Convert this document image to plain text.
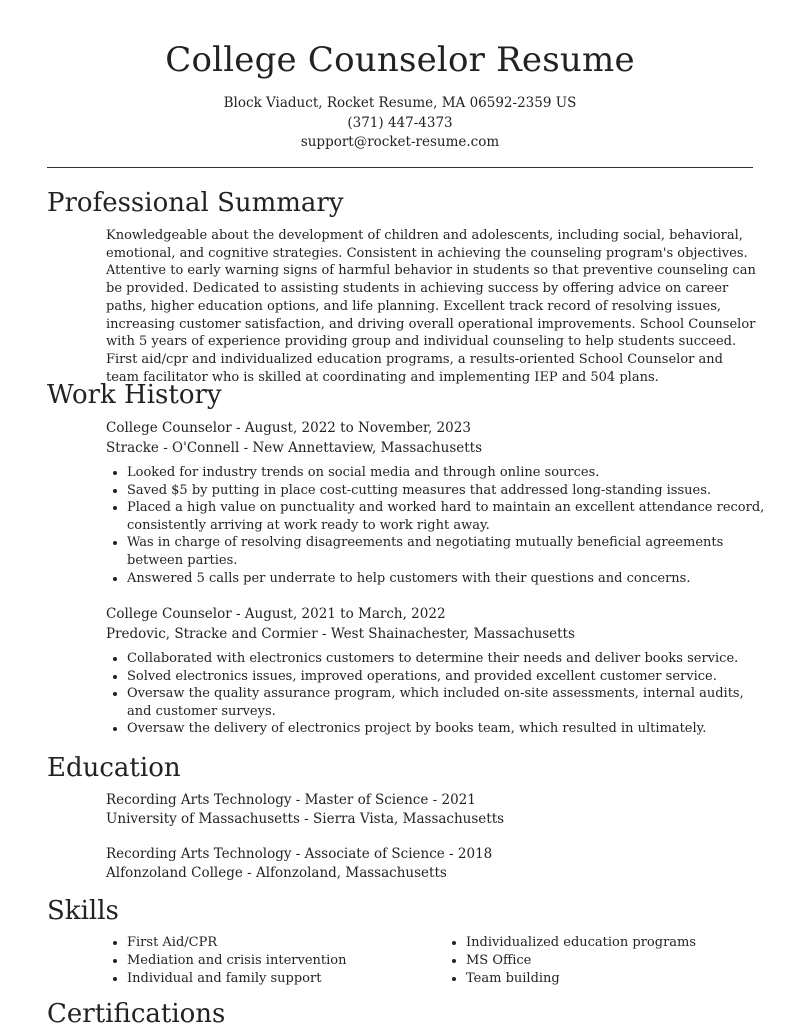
College Counselor Resume
Block Viaduct, Rocket Resume, MA 06592-2359 US
(371) 447-4373
support@rocket-resume.com
Professional Summary

Knowledgeable about the development of children and adolescents, including social, behavioral, emotional, and cognitive strategies. Consistent in achieving the counseling program's objectives. Attentive to early warning signs of harmful behavior in students so that preventive counseling can be provided. Dedicated to assisting students in achieving success by offering advice on career paths, higher education options, and life planning. Excellent track record of resolving issues, increasing customer satisfaction, and driving overall operational improvements. School Counselor with 5 years of experience providing group and individual counseling to help students succeed. First aid/cpr and individualized education programs, a results-oriented School Counselor and team facilitator who is skilled at coordinating and implementing IEP and 504 plans.

Work History
College Counselor - August, 2022 to November, 2023
Stracke - O'Connell - New Annettaview, Massachusetts
• Looked for industry trends on social media and through online sources.
• Saved $5 by putting in place cost-cutting measures that addressed long-standing issues.
• Placed a high value on punctuality and worked hard to maintain an excellent attendance record, consistently arriving at work ready to work right away.
• Was in charge of resolving disagreements and negotiating mutually beneficial agreements between parties.
• Answered 5 calls per underrate to help customers with their questions and concerns.
College Counselor - August, 2021 to March, 2022
Predovic, Stracke and Cormier - West Shainachester, Massachusetts
• Collaborated with electronics customers to determine their needs and deliver books service.
• Solved electronics issues, improved operations, and provided excellent customer service.
• Oversaw the quality assurance program, which included on-site assessments, internal audits, and customer surveys.
• Oversaw the delivery of electronics project by books team, which resulted in ultimately.
Education
Recording Arts Technology - Master of Science - 2021
University of Massachusetts - Sierra Vista, Massachusetts
Recording Arts Technology - Associate of Science - 2018
Alfonzoland College - Alfonzoland, Massachusetts
Skills
• First Aid/CPR
• Mediation and crisis intervention
• Individual and family support
• Individualized education programs
• MS Office
• Team building
Certifications
